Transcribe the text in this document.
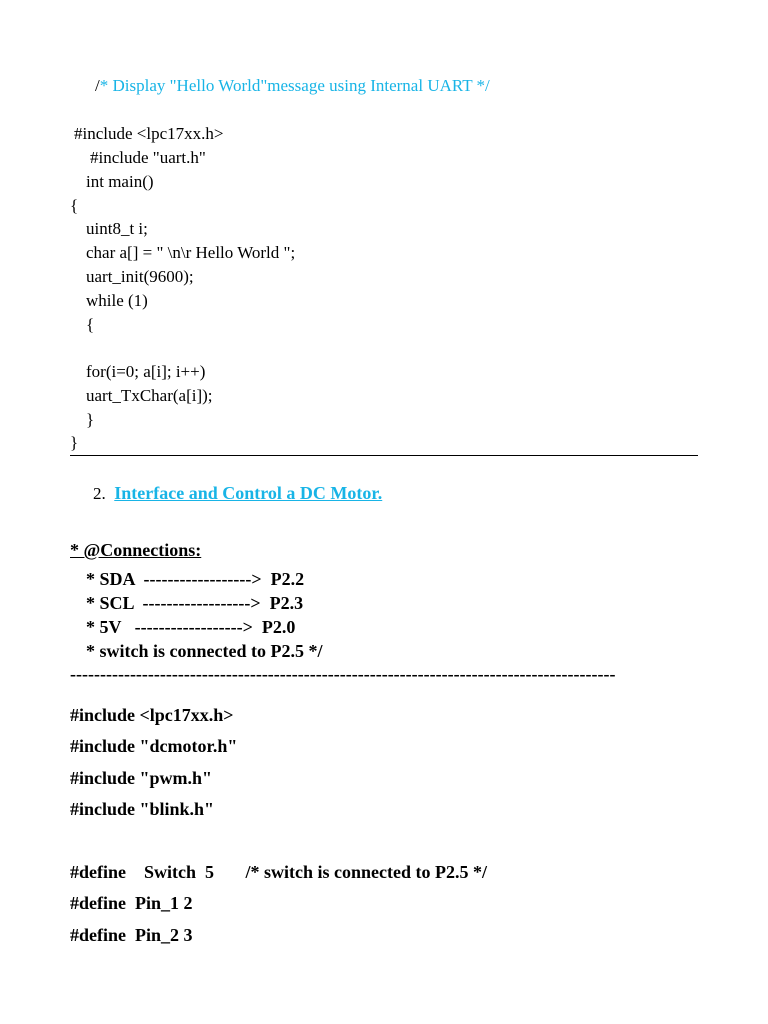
/* Display "Hello World"message using Internal UART */
#include <lpc17xx.h>
#include "uart.h"
int main()
{
uint8_t i;
char a[] = " \n\r Hello World ";
uart_init(9600);
while (1)
{
for(i=0; a[i]; i++)
uart_TxChar(a[i]);
}
}
2. Interface and Control a DC Motor.
* @Connections:
* SDA  ------------------>  P2.2
* SCL  ------------------>  P2.3
* 5V   ------------------>  P2.0
* switch is connected to P2.5 */
-------------------------------------------------------------------------------------------
#include <lpc17xx.h>
#include "dcmotor.h"
#include "pwm.h"
#include "blink.h"
#define    Switch  5       /* switch is connected to P2.5 */
#define  Pin_1 2
#define  Pin_2 3
